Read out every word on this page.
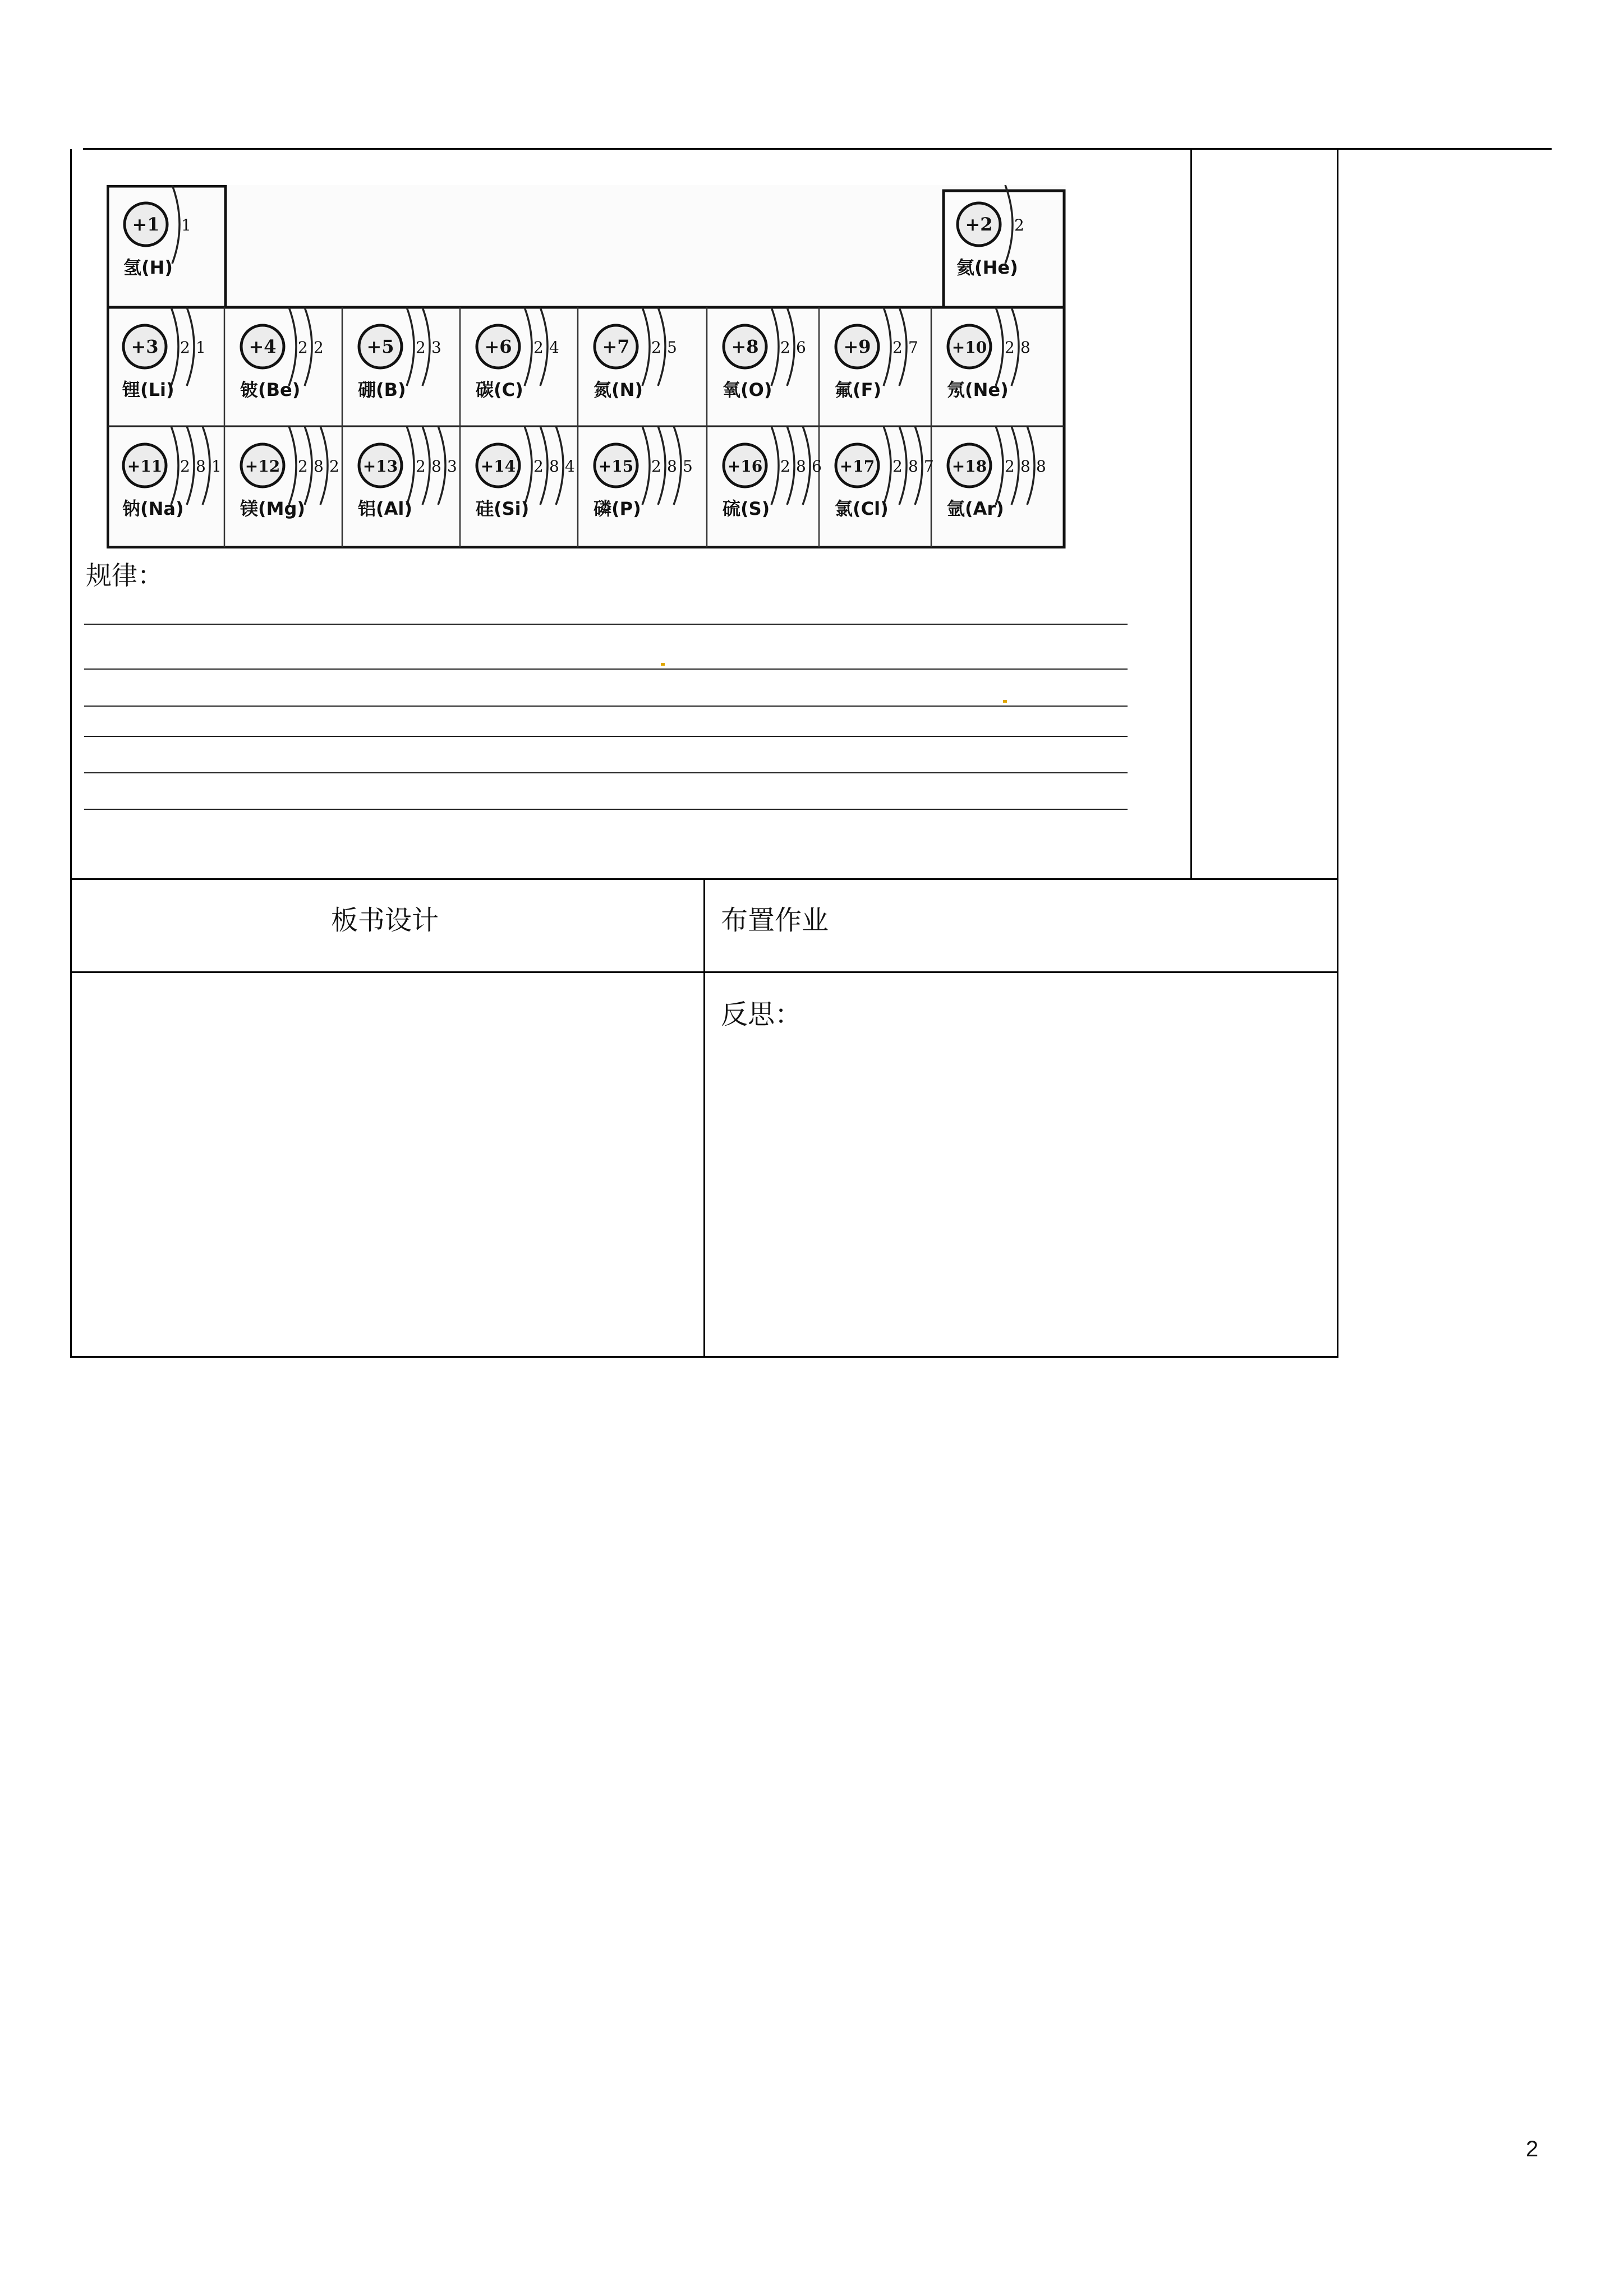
+1 1
氢(H)
+2 2
氦(He)
+3 2 1
锂(Li)
+4 2 2
铍(Be)
+5 2 3
硼(B)
+6 2 4
碳(C)
+7 2 5
氮(N)
+8 2 6
氧(O)
+9 2 7
氟(F)
+10 2 8
氖(Ne)
+11 2 8 1
钠(Na)
+12 2 8 2
镁(Mg)
+13 2 8 3
铝(Al)
+14 2 8 4
硅(Si)
+15 2 8 5
磷(P)
+16 2 8 6
硫(S)
+17 2 8 7
氯(Cl)
+18 2 8 8
氩(Ar)
规律：
板书设计	布置作业
反思：
2
